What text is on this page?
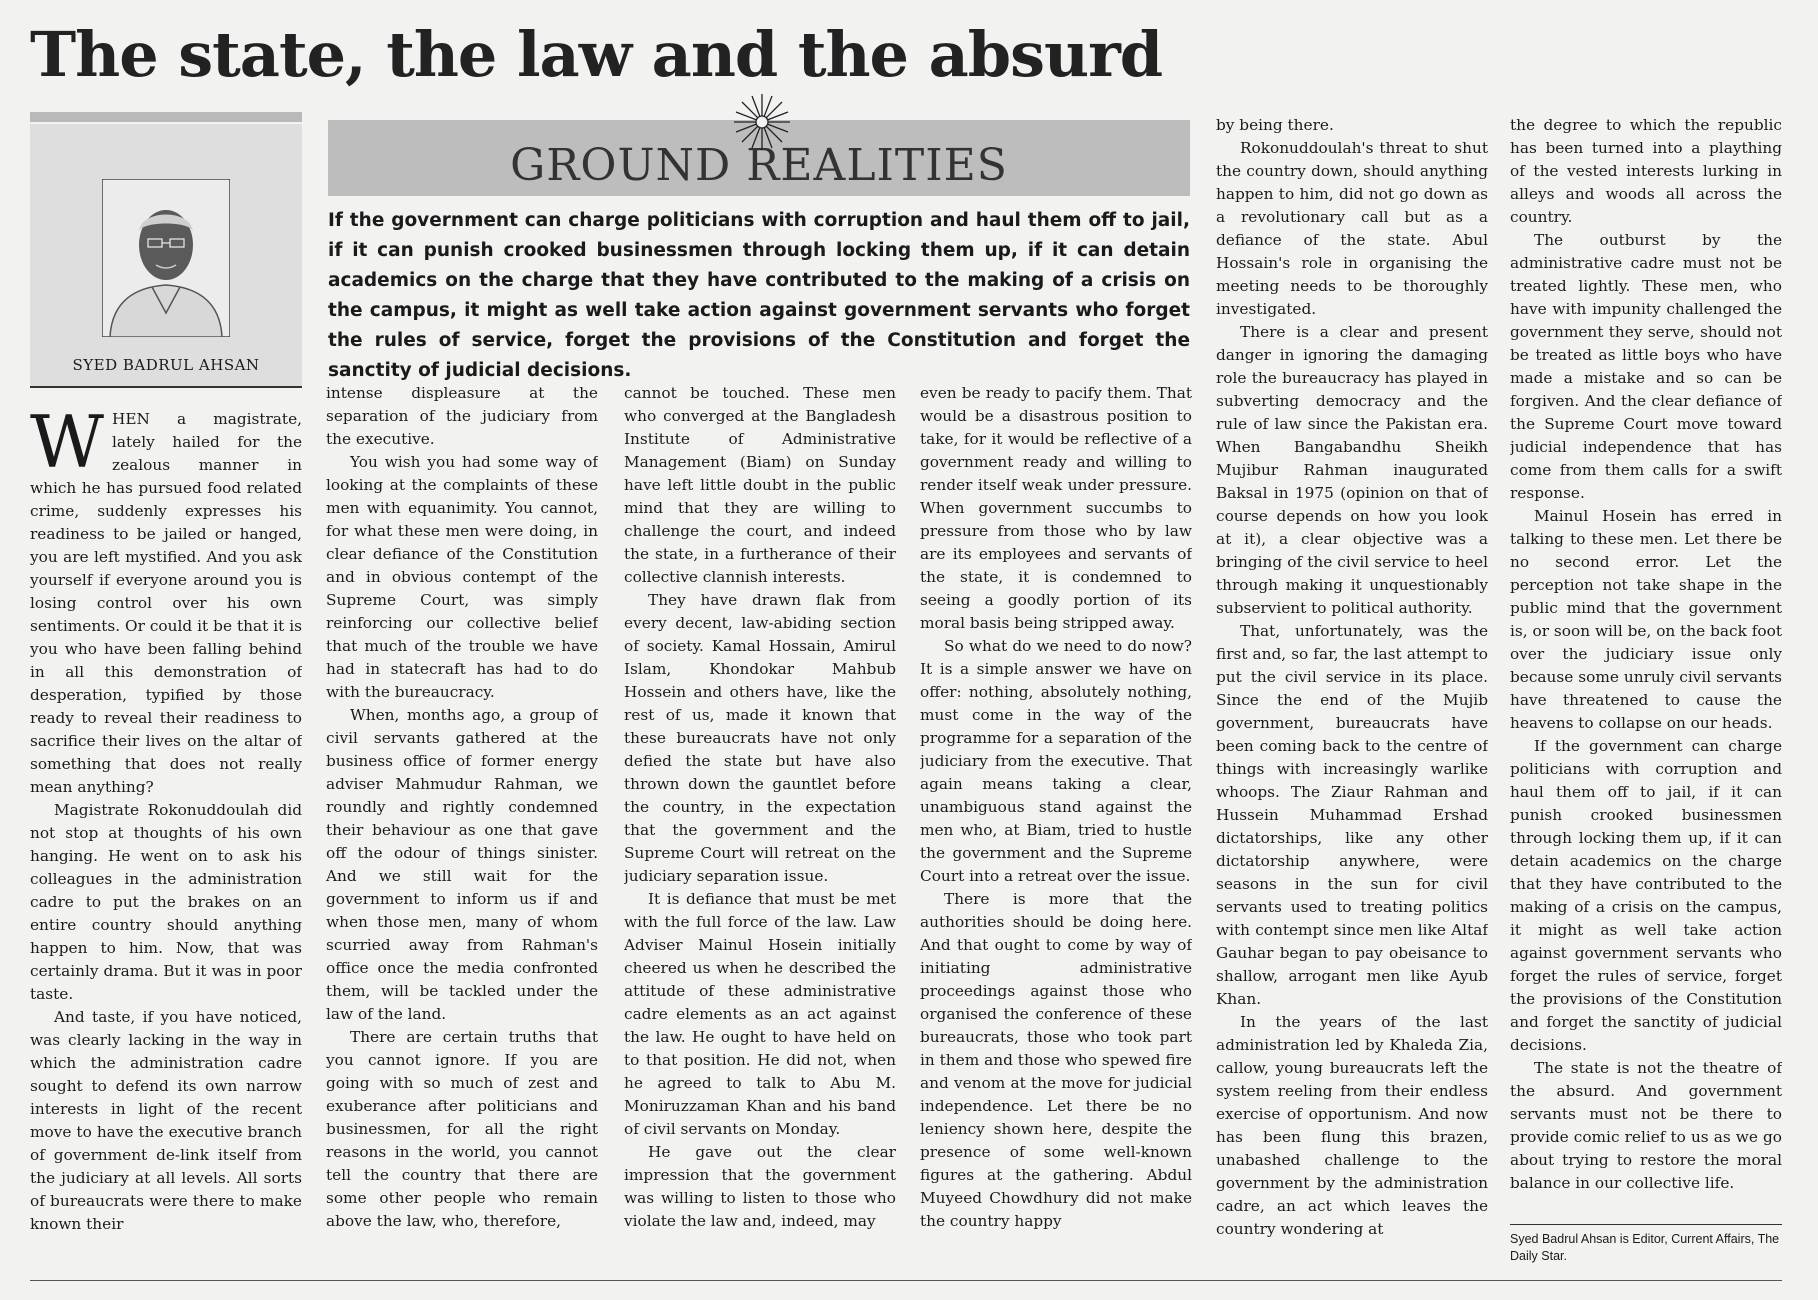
The state, the law and the absurd
SYED BADRUL AHSAN
GROUND REALITIES

If the government can charge politicians with corruption and haul them off to jail, if it can punish crooked businessmen through locking them up, if it can detain academics on the charge that they have contributed to the making of a crisis on the campus, it might as well take action against government servants who forget the rules of service, forget the provisions of the Constitution and forget the sanctity of judicial decisions.

WHEN a magistrate, lately hailed for the zealous manner in which he has pursued food related crime, suddenly expresses his readiness to be jailed or hanged, you are left mystified. And you ask yourself if everyone around you is losing control over his own sentiments. Or could it be that it is you who have been falling behind in all this demonstration of desperation, typified by those ready to reveal their readiness to sacrifice their lives on the altar of something that does not really mean anything?

Magistrate Rokonuddoulah did not stop at thoughts of his own hanging. He went on to ask his colleagues in the administration cadre to put the brakes on an entire country should anything happen to him. Now, that was certainly drama. But it was in poor taste.

And taste, if you have noticed, was clearly lacking in the way in which the administration cadre sought to defend its own narrow interests in light of the recent move to have the executive branch of government de-link itself from the judiciary at all levels. All sorts of bureaucrats were there to make known their

intense displeasure at the separation of the judiciary from the executive.

You wish you had some way of looking at the complaints of these men with equanimity. You cannot, for what these men were doing, in clear defiance of the Constitution and in obvious contempt of the Supreme Court, was simply reinforcing our collective belief that much of the trouble we have had in statecraft has had to do with the bureaucracy.

When, months ago, a group of civil servants gathered at the business office of former energy adviser Mahmudur Rahman, we roundly and rightly condemned their behaviour as one that gave off the odour of things sinister. And we still wait for the government to inform us if and when those men, many of whom scurried away from Rahman's office once the media confronted them, will be tackled under the law of the land.

There are certain truths that you cannot ignore. If you are going with so much of zest and exuberance after politicians and businessmen, for all the right reasons in the world, you cannot tell the country that there are some other people who remain above the law, who, therefore,

cannot be touched. These men who converged at the Bangladesh Institute of Administrative Management (Biam) on Sunday have left little doubt in the public mind that they are willing to challenge the court, and indeed the state, in a furtherance of their collective clannish interests.

They have drawn flak from every decent, law-abiding section of society. Kamal Hossain, Amirul Islam, Khondokar Mahbub Hossein and others have, like the rest of us, made it known that these bureaucrats have not only defied the state but have also thrown down the gauntlet before the country, in the expectation that the government and the Supreme Court will retreat on the judiciary separation issue.

It is defiance that must be met with the full force of the law. Law Adviser Mainul Hosein initially cheered us when he described the attitude of these administrative cadre elements as an act against the law. He ought to have held on to that position. He did not, when he agreed to talk to Abu M. Moniruzzaman Khan and his band of civil servants on Monday.

He gave out the clear impression that the government was willing to listen to those who violate the law and, indeed, may

even be ready to pacify them. That would be a disastrous position to take, for it would be reflective of a government ready and willing to render itself weak under pressure. When government succumbs to pressure from those who by law are its employees and servants of the state, it is condemned to seeing a goodly portion of its moral basis being stripped away.

So what do we need to do now? It is a simple answer we have on offer: nothing, absolutely nothing, must come in the way of the programme for a separation of the judiciary from the executive. That again means taking a clear, unambiguous stand against the men who, at Biam, tried to hustle the government and the Supreme Court into a retreat over the issue.

There is more that the authorities should be doing here. And that ought to come by way of initiating administrative proceedings against those who organised the conference of these bureaucrats, those who took part in them and those who spewed fire and venom at the move for judicial independence. Let there be no leniency shown here, despite the presence of some well-known figures at the gathering. Abdul Muyeed Chowdhury did not make the country happy

by being there.

Rokonuddoulah's threat to shut the country down, should anything happen to him, did not go down as a revolutionary call but as a defiance of the state. Abul Hossain's role in organising the meeting needs to be thoroughly investigated.

There is a clear and present danger in ignoring the damaging role the bureaucracy has played in subverting democracy and the rule of law since the Pakistan era. When Bangabandhu Sheikh Mujibur Rahman inaugurated Baksal in 1975 (opinion on that of course depends on how you look at it), a clear objective was a bringing of the civil service to heel through making it unquestionably subservient to political authority.

That, unfortunately, was the first and, so far, the last attempt to put the civil service in its place. Since the end of the Mujib government, bureaucrats have been coming back to the centre of things with increasingly warlike whoops. The Ziaur Rahman and Hussein Muhammad Ershad dictatorships, like any other dictatorship anywhere, were seasons in the sun for civil servants used to treating politics with contempt since men like Altaf Gauhar began to pay obeisance to shallow, arrogant men like Ayub Khan.

In the years of the last administration led by Khaleda Zia, callow, young bureaucrats left the system reeling from their endless exercise of opportunism. And now has been flung this brazen, unabashed challenge to the government by the administration cadre, an act which leaves the country wondering at

the degree to which the republic has been turned into a plaything of the vested interests lurking in alleys and woods all across the country.

The outburst by the administrative cadre must not be treated lightly. These men, who have with impunity challenged the government they serve, should not be treated as little boys who have made a mistake and so can be forgiven. And the clear defiance of the Supreme Court move toward judicial independence that has come from them calls for a swift response.

Mainul Hosein has erred in talking to these men. Let there be no second error. Let the perception not take shape in the public mind that the government is, or soon will be, on the back foot over the judiciary issue only because some unruly civil servants have threatened to cause the heavens to collapse on our heads.

If the government can charge politicians with corruption and haul them off to jail, if it can punish crooked businessmen through locking them up, if it can detain academics on the charge that they have contributed to the making of a crisis on the campus, it might as well take action against government servants who forget the rules of service, forget the provisions of the Constitution and forget the sanctity of judicial decisions.

The state is not the theatre of the absurd. And government servants must not be there to provide comic relief to us as we go about trying to restore the moral balance in our collective life.

Syed Badrul Ahsan is Editor, Current Affairs, The Daily Star.
